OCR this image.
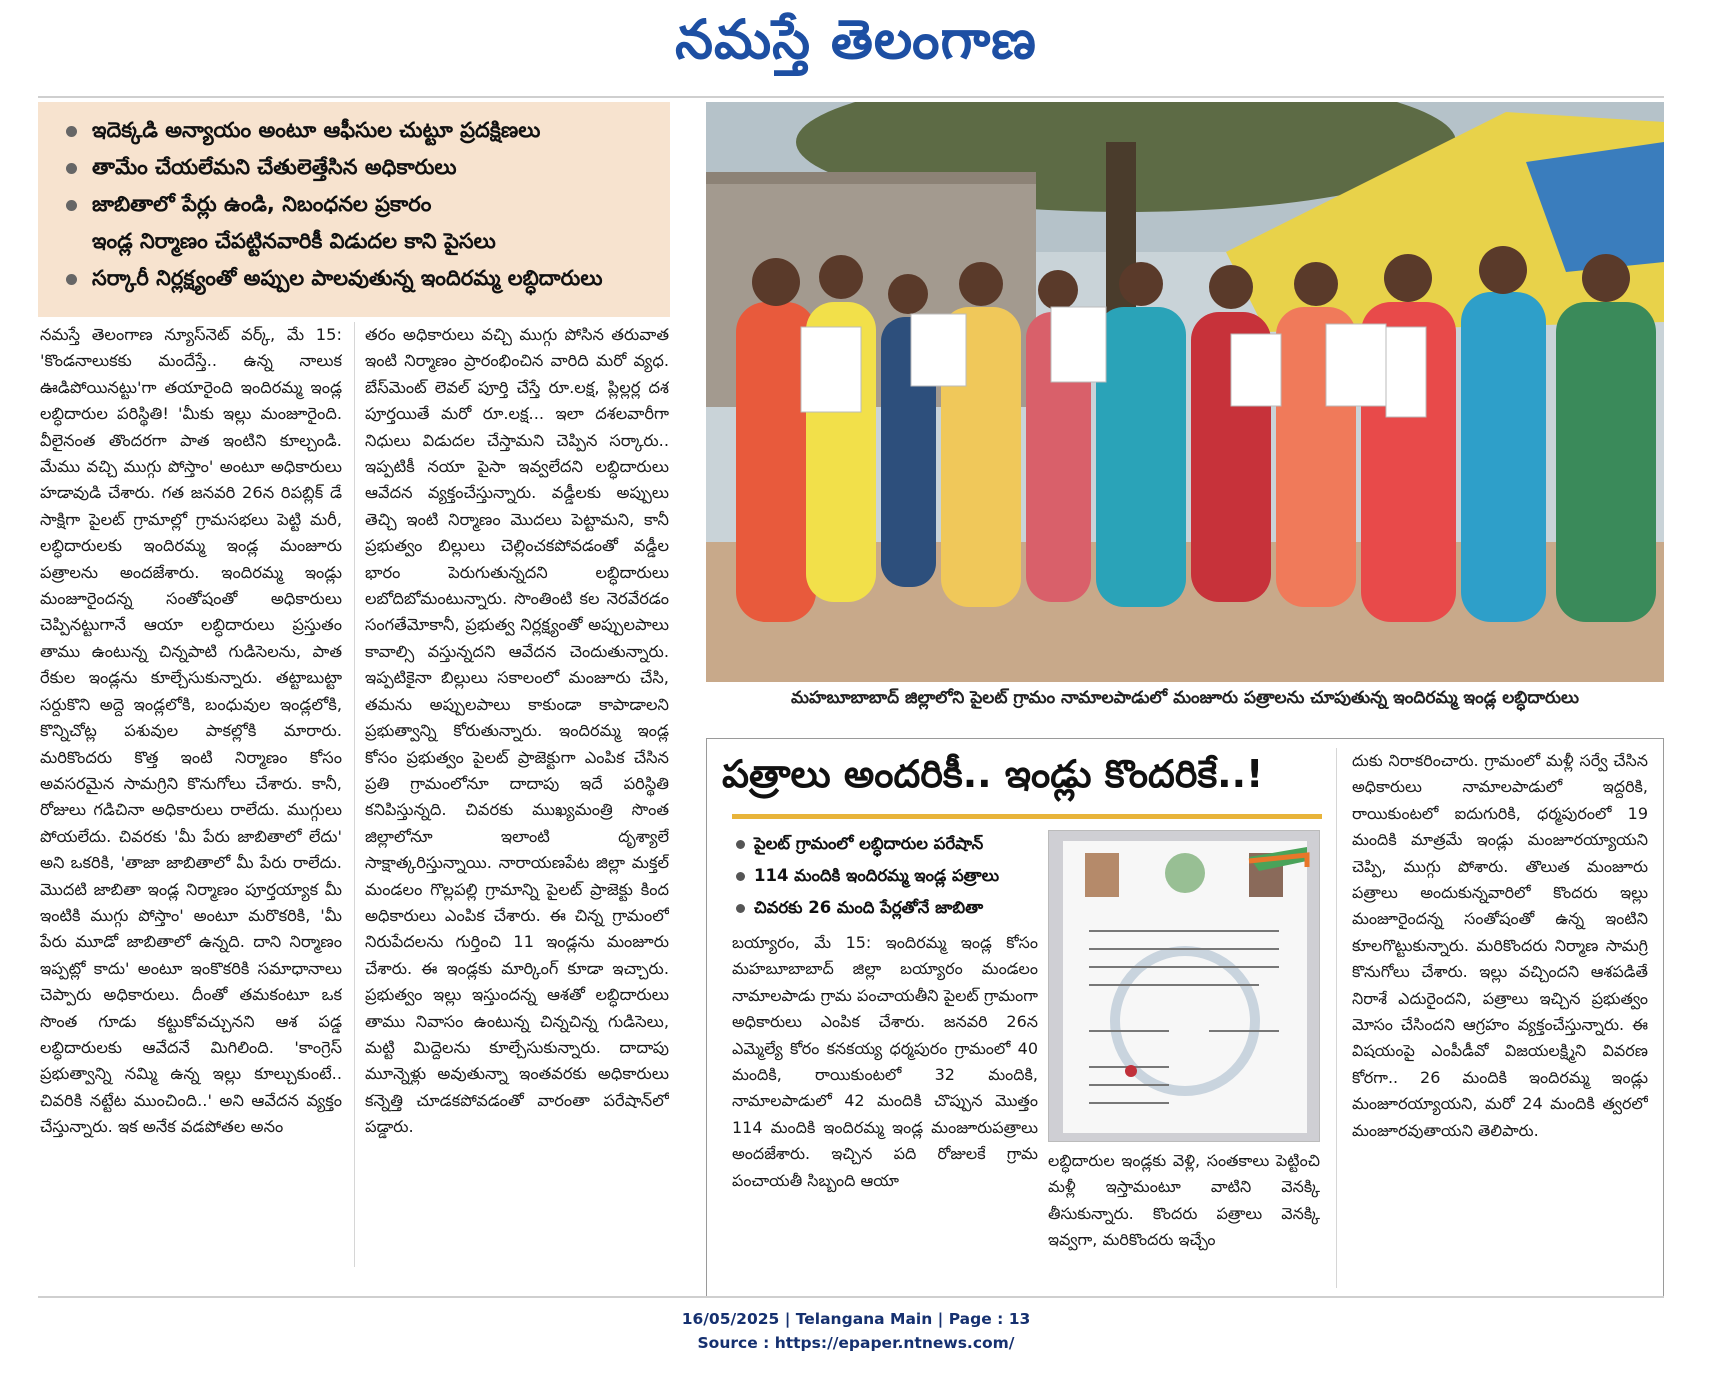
నమస్తే తెలంగాణ
ఇదెక్కడి అన్యాయం అంటూ ఆఫీసుల చుట్టూ ప్రదక్షిణలు
తామేం చేయలేమని చేతులెత్తేసిన అధికారులు
జాబితాలో పేర్లు ఉండి, నిబంధనల ప్రకారం
ఇండ్ల నిర్మాణం చేపట్టినవారికీ విడుదల కాని పైసలు
సర్కారీ నిర్లక్ష్యంతో అప్పుల పాలవుతున్న ఇందిరమ్మ లబ్ధిదారులు

నమస్తే తెలంగాణ న్యూస్‌నెట్ వర్క్, మే 15: 'కొండనాలుకకు మందేస్తే.. ఉన్న నాలుక ఊడిపోయినట్టు'గా తయారైంది ఇందిరమ్మ ఇండ్ల లబ్ధిదారుల పరిస్థితి! 'మీకు ఇల్లు మంజూరైంది. వీలైనంత తొందరగా పాత ఇంటిని కూల్చండి. మేము వచ్చి ముగ్గు పోస్తాం' అంటూ అధికారులు హడావుడి చేశారు. గత జనవరి 26న రిపబ్లిక్ డే సాక్షిగా పైలట్ గ్రామాల్లో గ్రామసభలు పెట్టి మరీ, లబ్ధిదారులకు ఇందిరమ్మ ఇండ్ల మంజూరు పత్రాలను అందజేశారు. ఇందిరమ్మ ఇండ్లు మంజూరైందన్న సంతోషంతో అధికారులు చెప్పినట్టుగానే ఆయా లబ్ధిదారులు ప్రస్తుతం తాము ఉంటున్న చిన్నపాటి గుడిసెలను, పాత రేకుల ఇండ్లను కూల్చేసుకున్నారు. తట్టాబుట్టా సర్దుకొని అద్దె ఇండ్లలోకి, బంధువుల ఇండ్లలోకి, కొన్నిచోట్ల పశువుల పాకల్లోకి మారారు. మరికొందరు కొత్త ఇంటి నిర్మాణం కోసం అవసరమైన సామగ్రిని కొనుగోలు చేశారు. కానీ, రోజులు గడిచినా అధికారులు రాలేదు. ముగ్గులు పోయలేదు. చివరకు 'మీ పేరు జాబితాలో లేదు' అని ఒకరికి, 'తాజా జాబితాలో మీ పేరు రాలేదు. మొదటి జాబితా ఇండ్ల నిర్మాణం పూర్తయ్యాక మీ ఇంటికి ముగ్గు పోస్తాం' అంటూ మరొకరికి, 'మీ పేరు మూడో జాబితాలో ఉన్నది. దాని నిర్మాణం ఇప్పట్లో కాదు' అంటూ ఇంకొకరికి సమాధానాలు చెప్పారు అధికారులు. దీంతో తమకంటూ ఒక సొంత గూడు కట్టుకోవచ్చునని ఆశ పడ్డ లబ్ధిదారులకు ఆవేదనే మిగిలింది. 'కాంగ్రెస్ ప్రభుత్వాన్ని నమ్మి ఉన్న ఇల్లు కూల్చుకుంటే.. చివరికి నట్టేట ముంచింది..' అని ఆవేదన వ్యక్తం చేస్తున్నారు. ఇక అనేక వడపోతల అనం

తరం అధికారులు వచ్చి ముగ్గు పోసిన తరువాత ఇంటి నిర్మాణం ప్రారంభించిన వారిది మరో వ్యధ. బేస్‌మెంట్ లెవల్ పూర్తి చేస్తే రూ.లక్ష, ప్లిల్లర్ల దశ పూర్తయితే మరో రూ.లక్ష... ఇలా దశలవారీగా నిధులు విడుదల చేస్తామని చెప్పిన సర్కారు.. ఇప్పటికీ నయా పైసా ఇవ్వలేదని లబ్ధిదారులు ఆవేదన వ్యక్తంచేస్తున్నారు. వడ్డీలకు అప్పులు తెచ్చి ఇంటి నిర్మాణం మొదలు పెట్టామని, కానీ ప్రభుత్వం బిల్లులు చెల్లించకపోవడంతో వడ్డీల భారం పెరుగుతున్నదని లబ్ధిదారులు లబోదిబోమంటున్నారు. సొంతింటి కల నెరవేరడం సంగతేమోకానీ, ప్రభుత్వ నిర్లక్ష్యంతో అప్పులపాలు కావాల్సి వస్తున్నదని ఆవేదన చెందుతున్నారు. ఇప్పటికైనా బిల్లులు సకాలంలో మంజూరు చేసి, తమను అప్పులపాలు కాకుండా కాపాడాలని ప్రభుత్వాన్ని కోరుతున్నారు. ఇందిరమ్మ ఇండ్ల కోసం ప్రభుత్వం పైలట్ ప్రాజెక్టుగా ఎంపిక చేసిన ప్రతి గ్రామంలోనూ దాదాపు ఇదే పరిస్థితి కనిపిస్తున్నది. చివరకు ముఖ్యమంత్రి సొంత జిల్లాలోనూ ఇలాంటి దృశ్యాలే సాక్షాత్కరిస్తున్నాయి. నారాయణపేట జిల్లా మక్తల్ మండలం గొల్లపల్లి గ్రామాన్ని పైలట్ ప్రాజెక్టు కింద అధికారులు ఎంపిక చేశారు. ఈ చిన్న గ్రామంలో నిరుపేదలను గుర్తించి 11 ఇండ్లను మంజూరు చేశారు. ఈ ఇండ్లకు మార్కింగ్ కూడా ఇచ్చారు. ప్రభుత్వం ఇల్లు ఇస్తుందన్న ఆశతో లబ్ధిదారులు తాము నివాసం ఉంటున్న చిన్నచిన్న గుడిసెలు, మట్టి మిద్దెలను కూల్చేసుకున్నారు. దాదాపు మూన్నెళ్లు అవుతున్నా ఇంతవరకు అధికారులు కన్నెత్తి చూడకపోవడంతో వారంతా పరేషాన్‌లో పడ్డారు.

మహబూబాబాద్ జిల్లాలోని పైలట్ గ్రామం నామాలపాడులో మంజూరు పత్రాలను చూపుతున్న ఇందిరమ్మ ఇండ్ల లబ్ధిదారులు
పత్రాలు అందరికీ.. ఇండ్లు కొందరికే..!
పైలట్ గ్రామంలో లబ్ధిదారుల పరేషాన్
114 మందికి ఇందిరమ్మ ఇండ్ల పత్రాలు
చివరకు 26 మంది పేర్లతోనే జాబితా

బయ్యారం, మే 15: ఇందిరమ్మ ఇండ్ల కోసం మహబూబాబాద్ జిల్లా బయ్యారం మండలం నామాలపాడు గ్రామ పంచాయతీని పైలట్ గ్రామంగా అధికారులు ఎంపిక చేశారు. జనవరి 26న ఎమ్మెల్యే కోరం కనకయ్య ధర్మపురం గ్రామంలో 40 మందికి, రాయికుంటలో 32 మందికి, నామాలపాడులో 42 మందికి చొప్పున మొత్తం 114 మందికి ఇందిరమ్మ ఇండ్ల మంజూరుపత్రాలు అందజేశారు. ఇచ్చిన పది రోజులకే గ్రామ పంచాయతీ సిబ్బంది ఆయా

లబ్ధిదారుల ఇండ్లకు వెళ్లి, సంతకాలు పెట్టించి మళ్లీ ఇస్తామంటూ వాటిని వెనక్కి తీసుకున్నారు. కొందరు పత్రాలు వెనక్కి ఇవ్వగా, మరికొందరు ఇచ్చేం

దుకు నిరాకరించారు. గ్రామంలో మళ్లీ సర్వే చేసిన అధికారులు నామాలపాడులో ఇద్దరికి, రాయికుంటలో ఐదుగురికి, ధర్మపురంలో 19 మందికి మాత్రమే ఇండ్లు మంజూరయ్యాయని చెప్పి, ముగ్గు పోశారు. తొలుత మంజూరు పత్రాలు అందుకున్నవారిలో కొందరు ఇల్లు మంజూరైందన్న సంతోషంతో ఉన్న ఇంటిని కూలగొట్టుకున్నారు. మరికొందరు నిర్మాణ సామగ్రి కొనుగోలు చేశారు. ఇల్లు వచ్చిందని ఆశపడితే నిరాశే ఎదురైందని, పత్రాలు ఇచ్చిన ప్రభుత్వం మోసం చేసిందని ఆగ్రహం వ్యక్తంచేస్తున్నారు. ఈ విషయంపై ఎంపీడీవో విజయలక్ష్మిని వివరణ కోరగా.. 26 మందికి ఇందిరమ్మ ఇండ్లు మంజూరయ్యాయని, మరో 24 మందికి త్వరలో మంజూరవుతాయని తెలిపారు.

16/05/2025 | Telangana Main | Page : 13
Source : https://epaper.ntnews.com/
